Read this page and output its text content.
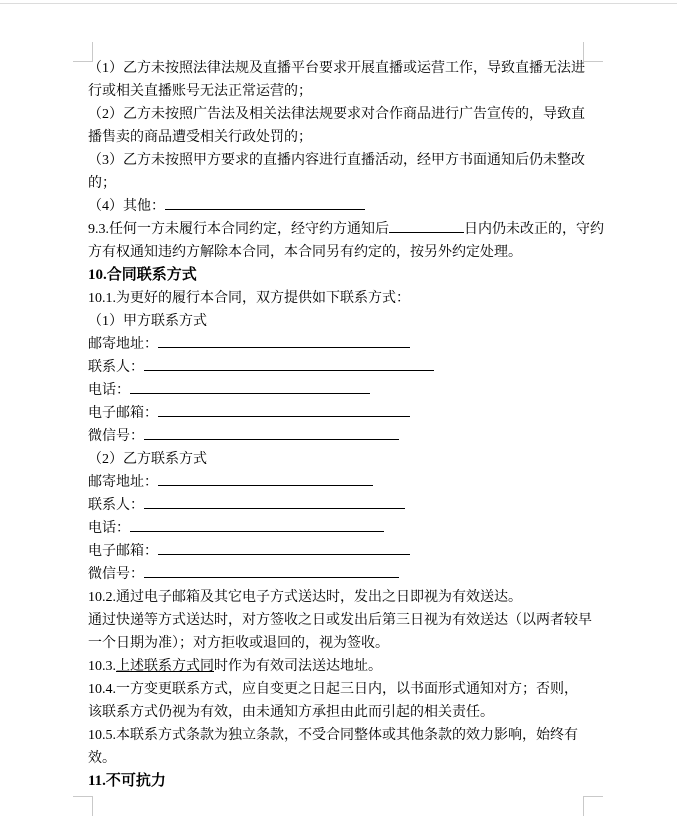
（1）乙方未按照法律法规及直播平台要求开展直播或运营工作，导致直播无法进
行或相关直播账号无法正常运营的；
（2）乙方未按照广告法及相关法律法规要求对合作商品进行广告宣传的，导致直
播售卖的商品遭受相关行政处罚的；
（3）乙方未按照甲方要求的直播内容进行直播活动，经甲方书面通知后仍未整改
的；
（4）其他：
9.3.任何一方未履行本合同约定，经守约方通知后	日内仍未改正的，守约
方有权通知违约方解除本合同，本合同另有约定的，按另外约定处理。
10.合同联系方式
10.1.为更好的履行本合同，双方提供如下联系方式：
（1）甲方联系方式
邮寄地址：
联系人：
电话：
电子邮箱：
微信号：
（2）乙方联系方式
邮寄地址：
联系人：
电话：
电子邮箱：
微信号：
10.2.通过电子邮箱及其它电子方式送达时，发出之日即视为有效送达。
通过快递等方式送达时，对方签收之日或发出后第三日视为有效送达（以两者较早
一个日期为准）；对方拒收或退回的，视为签收。
10.3.上述联系方式同时作为有效司法送达地址。
10.4.一方变更联系方式，应自变更之日起三日内，以书面形式通知对方；否则，
该联系方式仍视为有效，由未通知方承担由此而引起的相关责任。
10.5.本联系方式条款为独立条款，不受合同整体或其他条款的效力影响，始终有
效。
11.不可抗力
